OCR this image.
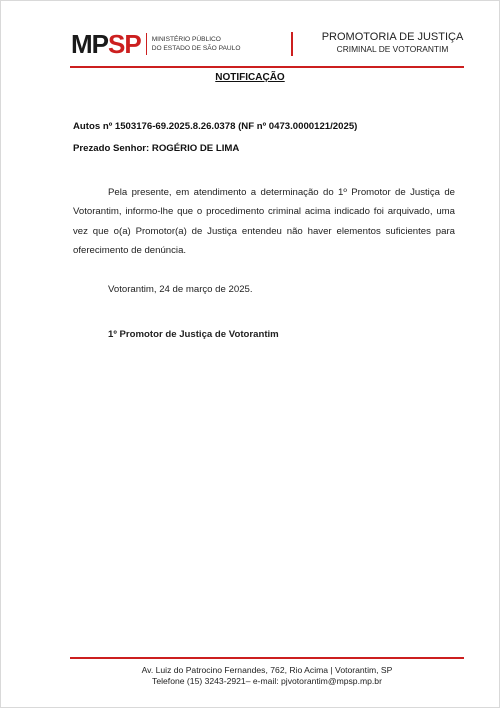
MPSP MINISTÉRIO PÚBLICO
DO ESTADO DE SÃO PAULO
PROMOTORIA DE JUSTIÇA
CRIMINAL DE VOTORANTIM
NOTIFICAÇÃO
Autos nº 1503176-69.2025.8.26.0378 (NF nº 0473.0000121/2025)
Prezado Senhor: ROGÉRIO DE LIMA
Pela presente, em atendimento a determinação do 1º Promotor de Justiça de Votorantim, informo-lhe que o procedimento criminal acima indicado foi arquivado, uma vez que o(a) Promotor(a) de Justiça entendeu não haver elementos suficientes para oferecimento de denúncia.
Votorantim, 24 de março de 2025.
1º Promotor de Justiça de Votorantim
Av. Luiz do Patrocino Fernandes, 762, Rio Acima | Votorantim, SP
Telefone (15) 3243-2921– e-mail: pjvotorantim@mpsp.mp.br
